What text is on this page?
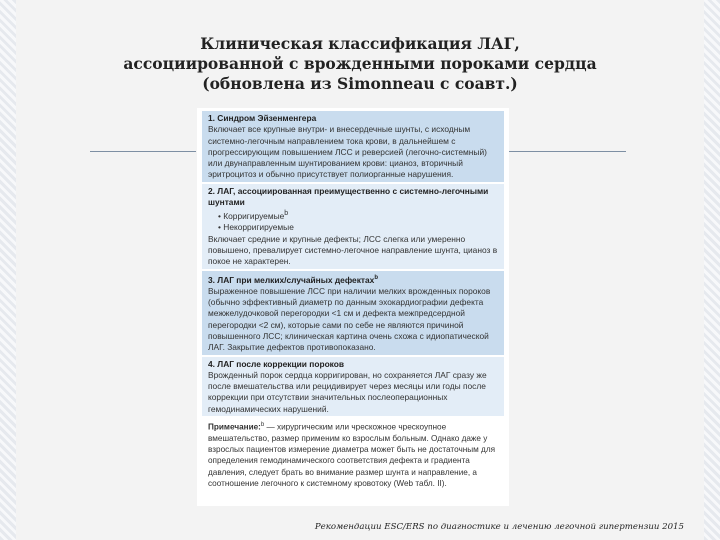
Клиническая классификация ЛАГ,
ассоциированной с врожденными пороками сердца
(обновлена из Simonneau с соавт.)
1. Синдром Эйзенменгера
Включает все крупные внутри- и внесердечные шунты, с исходным системно-легочным направлением тока крови, в дальнейшем с прогрессирующим повышением ЛСС и реверсией (легочно-системный) или двунаправленным шунтированием крови: цианоз, вторичный эритроцитоз и обычно присутствует полиорганные нарушения.
2. ЛАГ, ассоциированная преимущественно с системно-легочными шунтами
• Корригируемые$^b$
• Некорригируемые
Включает средние и крупные дефекты; ЛСС слегка или умеренно повышено, превалирует системно-легочное направление шунта, цианоз в покое не характерен.
3. ЛАГ при мелких/случайных дефектах$^b$
Выраженное повышение ЛСС при наличии мелких врожденных пороков (обычно эффективный диаметр по данным эхокардиографии дефекта межжелудочковой перегородки <1 см и дефекта межпредсердной перегородки <2 см), которые сами по себе не являются причиной повышенного ЛСС; клиническая картина очень схожа с идиопатической ЛАГ. Закрытие дефектов противопоказано.
4. ЛАГ после коррекции пороков
Врожденный порок сердца корригирован, но сохраняется ЛАГ сразу же после вмешательства или рецидивирует через месяцы или годы после коррекции при отсутствии значительных послеоперационных гемодинамических нарушений.
Примечание:$^b$ — хирургическим или чрескожное чрескоупное вмешательство, размер применим ко взрослым больным. Однако даже у взрослых пациентов измерение диаметра может быть не достаточным для определения гемодинамического соответствия дефекта и градиента давления, следует брать во внимание размер шунта и направление, а соотношение легочного к системному кровотоку (Web табл. II).
Рекомендации ESC/ERS по диагностике и лечению легочной гипертензии 2015
